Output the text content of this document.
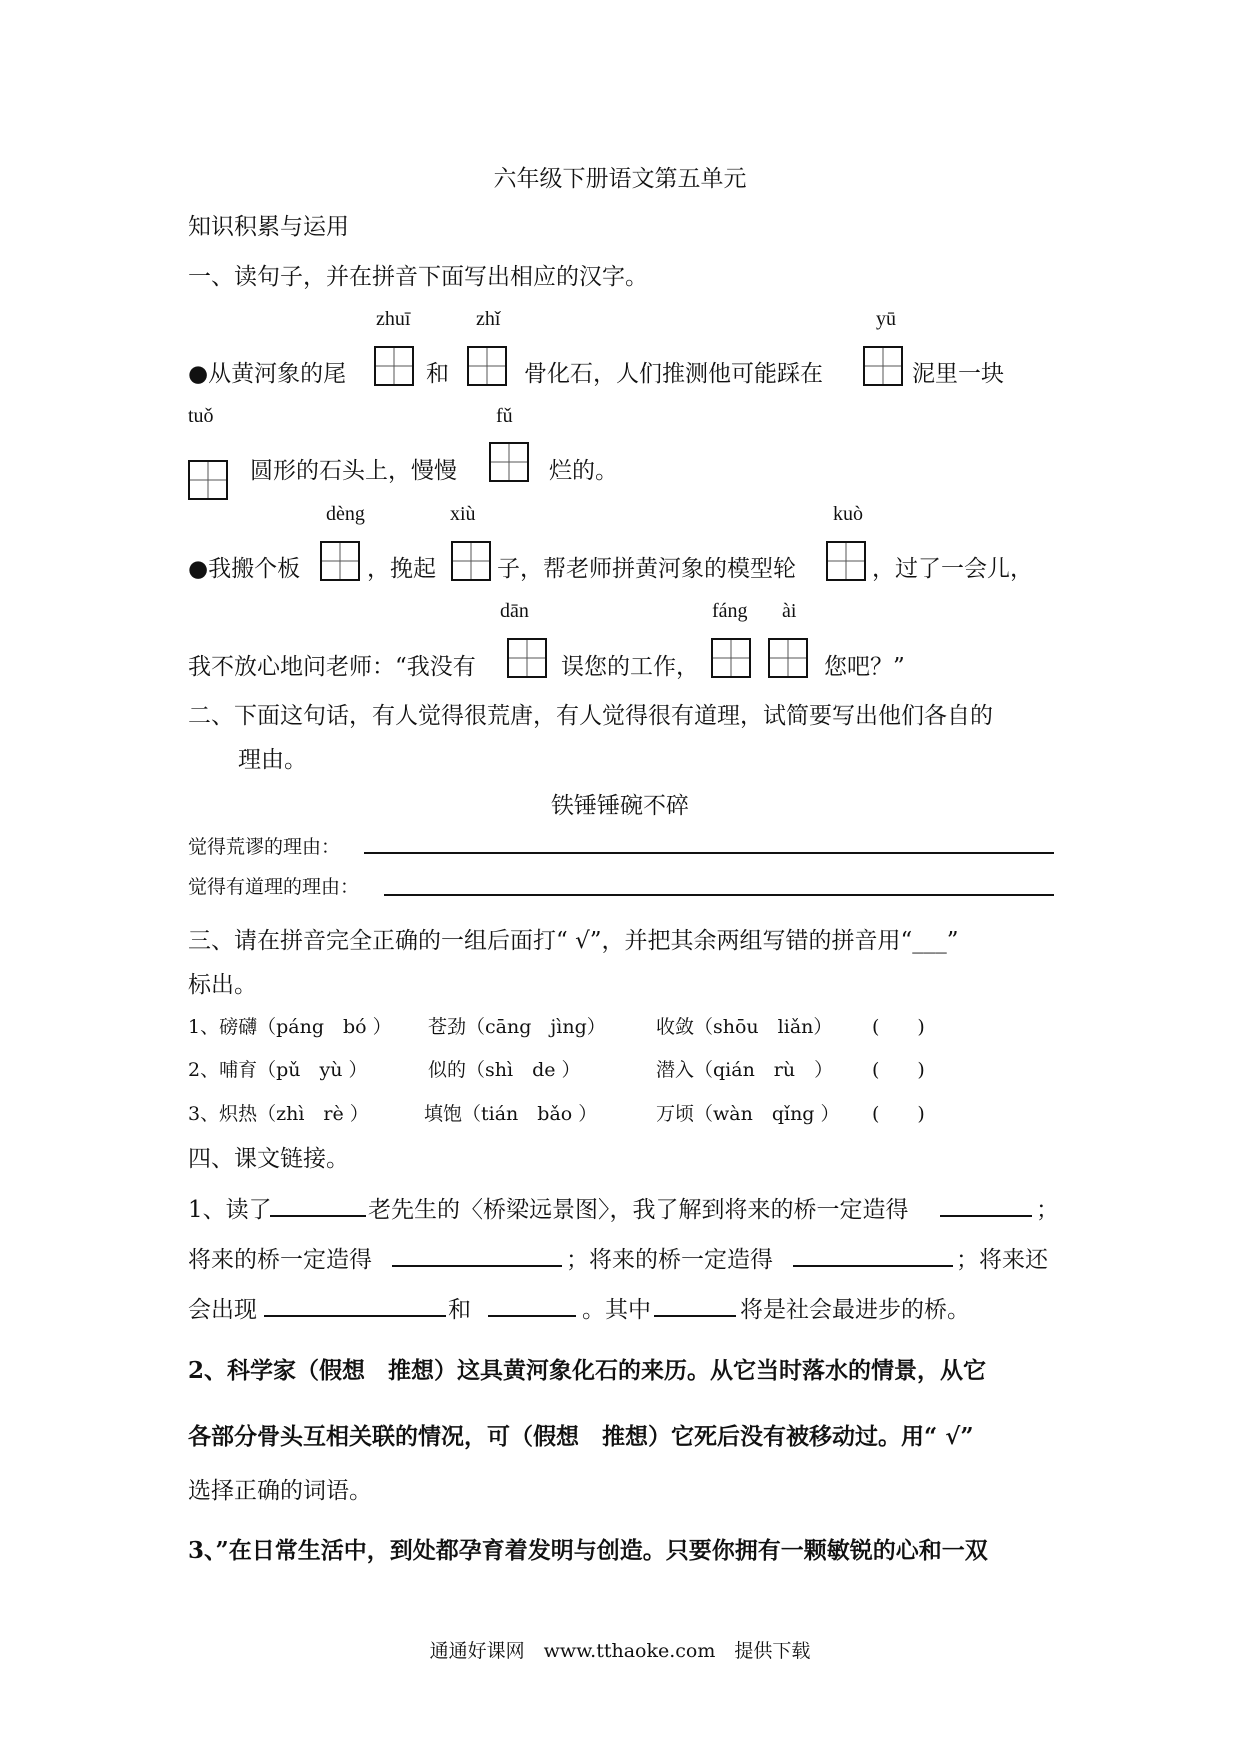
六年级下册语文第五单元
知识积累与运用
一、读句子，并在拼音下面写出相应的汉字。
zhuī	zhǐ	yū
●从黄河象的尾	和	骨化石，人们推测他可能踩在	泥里一块
tuǒ	fǔ
圆形的石头上，慢慢	烂的。
dèng	xiù	kuò
●我搬个板	，挽起	子，帮老师拼黄河象的模型轮	，过了一会儿，
dān	fáng ài
我不放心地问老师：“我没有	误您的工作，	您吧？”
二、下面这句话，有人觉得很荒唐，有人觉得很有道理，试简要写出他们各自的
理由。
铁锤锤碗不碎
觉得荒谬的理由：
觉得有道理的理由：
三、请在拼音完全正确的一组后面打“ √”，并把其余两组写错的拼音用“___”
标出。
1、磅礴（páng　bó ） 苍劲（cāng　jìng）	收敛（shōu　liǎn） (　　)
2、哺育（pǔ　yù ）	似的（shì　de ）	潜入（qián　rù　） (　　)
3、炽热（zhì　rè ）	填饱（tián　bǎo ）	万顷（wàn　qǐng ） (　　)
四、课文链接。
1、读了	老先生的〈桥梁远景图〉，我了解到将来的桥一定造得	；
将来的桥一定造得	；将来的桥一定造得	；将来还
会出现	和	。其中	将是社会最进步的桥。
2、科学家（假想　推想）这具黄河象化石的来历。从它当时落水的情景，从它
各部分骨头互相关联的情况，可（假想　推想）它死后没有被移动过。用“ √”
选择正确的词语。
3、”在日常生活中，到处都孕育着发明与创造。只要你拥有一颗敏锐的心和一双
通通好课网　www.tthaoke.com　提供下载
